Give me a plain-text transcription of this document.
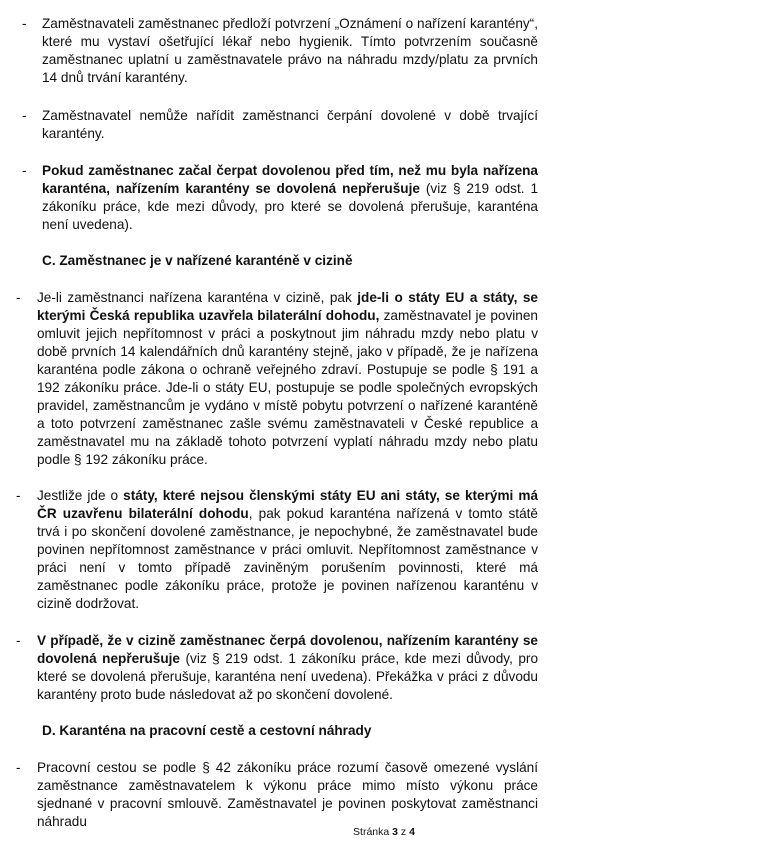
-	Zaměstnavateli zaměstnanec předloží potvrzení „Oznámení o nařízení karantény“, které mu vystaví ošetřující lékař nebo hygienik. Tímto potvrzením současně zaměstnanec uplatní u zaměstnavatele právo na náhradu mzdy/platu za prvních 14 dnů trvání karantény.
-	Zaměstnavatel nemůže nařídit zaměstnanci čerpání dovolené v době trvající karantény.
-	Pokud zaměstnanec začal čerpat dovolenou před tím, než mu byla nařízena karanténa, nařízením karantény se dovolená nepřerušuje (viz § 219 odst. 1 zákoníku práce, kde mezi důvody, pro které se dovolená přerušuje, karanténa není uvedena).
C. Zaměstnanec je v nařízené karanténě v cizině
-	Je-li zaměstnanci nařízena karanténa v cizině, pak jde-li o státy EU a státy, se kterými Česká republika uzavřela bilaterální dohodu, zaměstnavatel je povinen omluvit jejich nepřítomnost v práci a poskytnout jim náhradu mzdy nebo platu v době prvních 14 kalendářních dnů karantény stejně, jako v případě, že je nařízena karanténa podle zákona o ochraně veřejného zdraví. Postupuje se podle § 191 a 192 zákoníku práce. Jde-li o státy EU, postupuje se podle společných evropských pravidel, zaměstnancům je vydáno v místě pobytu potvrzení o nařízené karanténě a toto potvrzení zaměstnanec zašle svému zaměstnavateli v České republice a zaměstnavatel mu na základě tohoto potvrzení vyplatí náhradu mzdy nebo platu podle § 192 zákoníku práce.
-	Jestliže jde o státy, které nejsou členskými státy EU ani státy, se kterými má ČR uzavřenu bilaterální dohodu, pak pokud karanténa nařízená v tomto státě trvá i po skončení dovolené zaměstnance, je nepochybné, že zaměstnavatel bude povinen nepřítomnost zaměstnance v práci omluvit. Nepřítomnost zaměstnance v práci není v tomto případě zaviněným porušením povinnosti, které má zaměstnanec podle zákoníku práce, protože je povinen nařízenou karanténu v cizině dodržovat.
-	V případě, že v cizině zaměstnanec čerpá dovolenou, nařízením karantény se dovolená nepřerušuje (viz § 219 odst. 1 zákoníku práce, kde mezi důvody, pro které se dovolená přerušuje, karanténa není uvedena). Překážka v práci z důvodu karantény proto bude následovat až po skončení dovolené.
D. Karanténa na pracovní cestě a cestovní náhrady
-	Pracovní cestou se podle § 42 zákoníku práce rozumí časově omezené vyslání zaměstnance zaměstnavatelem k výkonu práce mimo místo výkonu práce sjednané v pracovní smlouvě. Zaměstnavatel je povinen poskytovat zaměstnanci náhradu
Stránka 3 z 4
